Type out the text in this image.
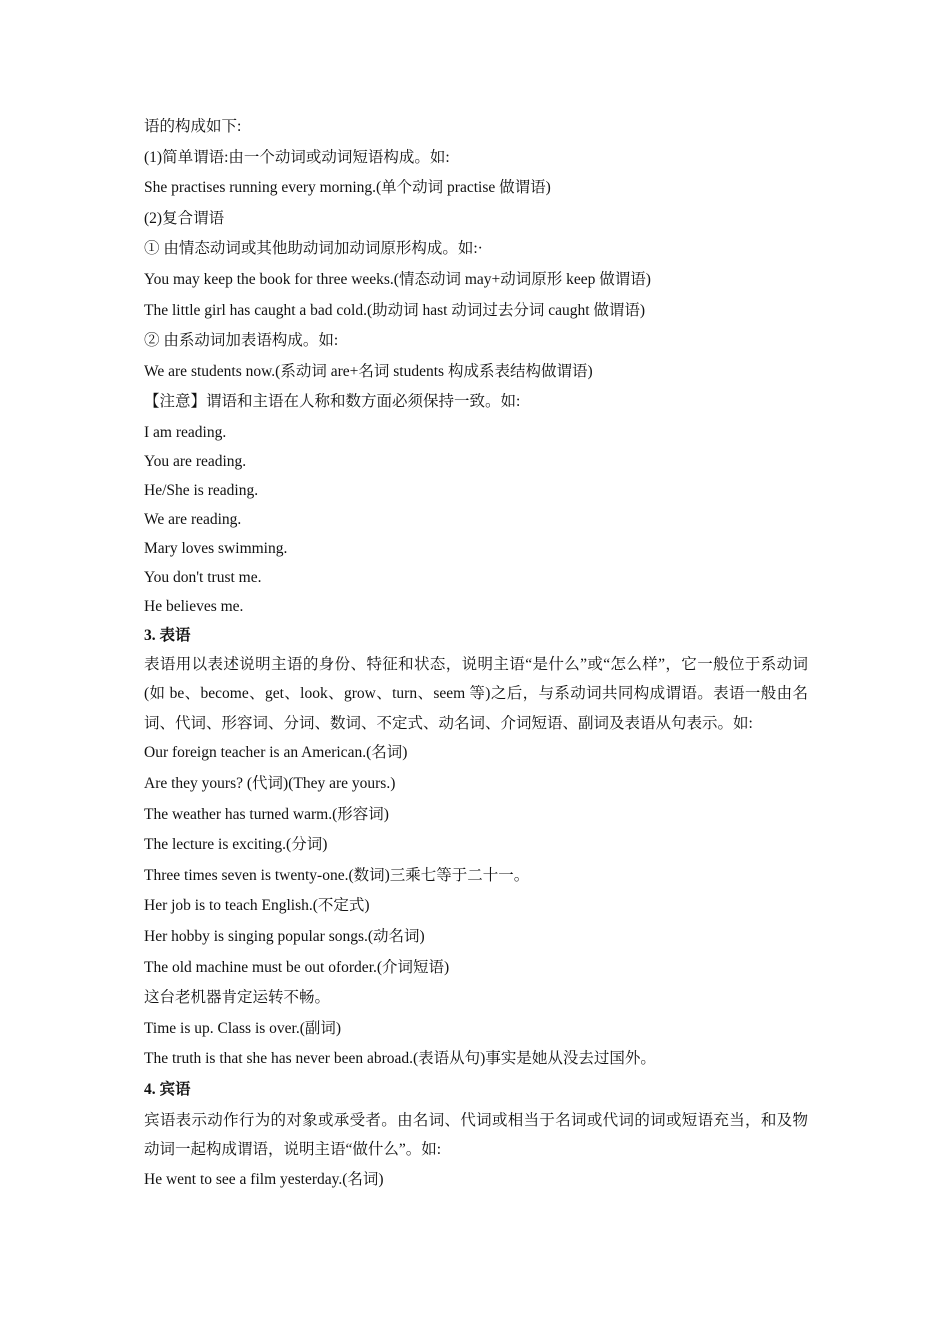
语的构成如下:
(1)简单谓语:由一个动词或动词短语构成。如:
She practises running every morning.(单个动词 practise 做谓语)
(2)复合谓语
① 由情态动词或其他助动词加动词原形构成。如:·
You may keep the book for three weeks.(情态动词 may+动词原形 keep 做谓语)
The little girl has caught a bad cold.(助动词 hast 动词过去分词 caught 做谓语)
② 由系动词加表语构成。如:
We are students now.(系动词 are+名词 students 构成系表结构做谓语)
【注意】谓语和主语在人称和数方面必须保持一致。如:
I am reading.
You are reading.
He/She is reading.
We are reading.
Mary loves swimming.
You don't trust me.
He believes me.
3. 表语
表语用以表述说明主语的身份、特征和状态，说明主语“是什么”或“怎么样”，它一般位于系动词(如 be、become、get、look、grow、turn、seem 等)之后，与系动词共同构成谓语。表语一般由名词、代词、形容词、分词、数词、不定式、动名词、介词短语、副词及表语从句表示。如:
Our foreign teacher is an American.(名词)
Are they yours? (代词)(They are yours.)
The weather has turned warm.(形容词)
The lecture is exciting.(分词)
Three times seven is twenty-one.(数词)三乘七等于二十一。
Her job is to teach English.(不定式)
Her hobby is singing popular songs.(动名词)
The old machine must be out oforder.(介词短语)
这台老机器肯定运转不畅。
Time is up. Class is over.(副词)
The truth is that she has never been abroad.(表语从句)事实是她从没去过国外。
4. 宾语
宾语表示动作行为的对象或承受者。由名词、代词或相当于名词或代词的词或短语充当，和及物动词一起构成谓语，说明主语“做什么”。如:
He went to see a film yesterday.(名词)
